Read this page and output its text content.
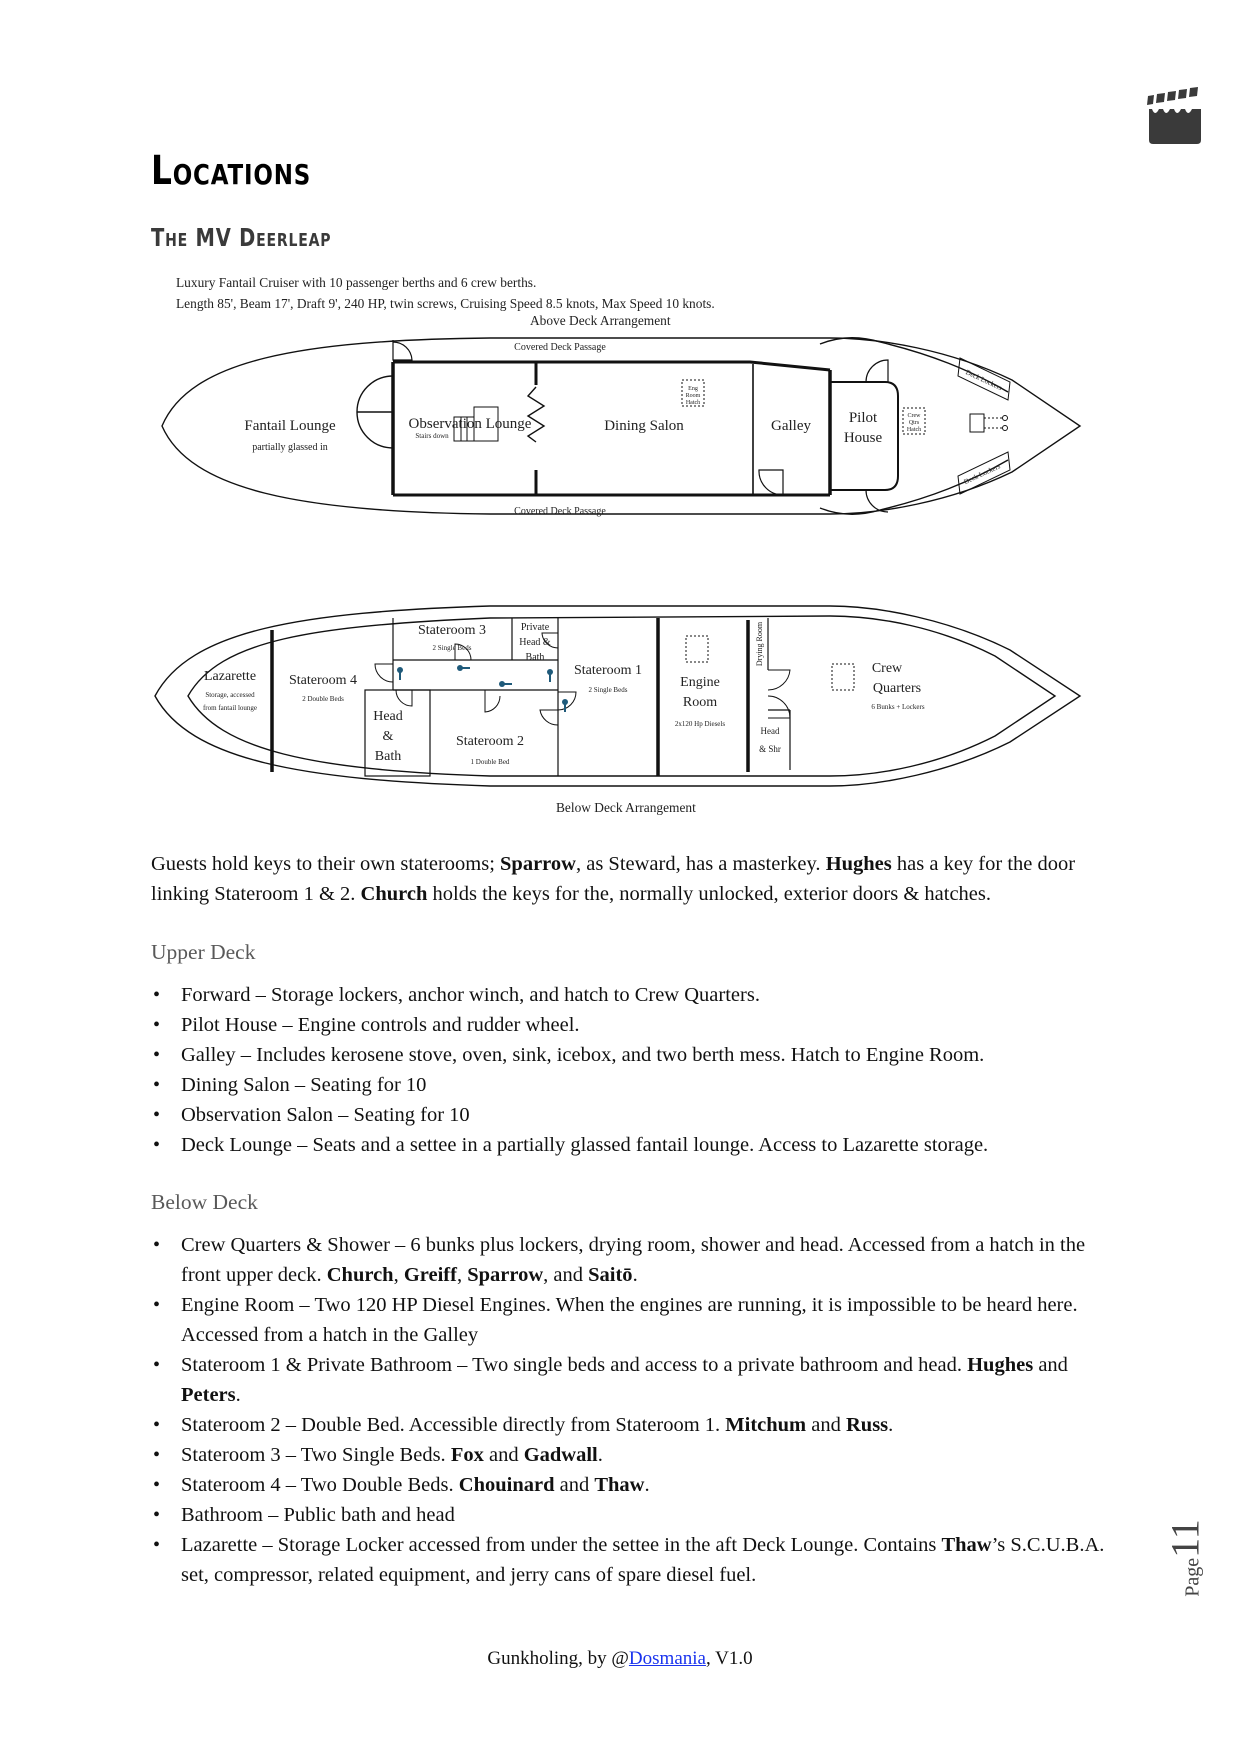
Locations
The MV Deerleap
Luxury Fantail Cruiser with 10 passenger berths and 6 crew berths.
Length 85', Beam 17', Draft 9', 240 HP, twin screws, Cruising Speed 8.5 knots, Max Speed 10 knots.
Above Deck Arrangement
Covered Deck Passage
Covered Deck Passage
Fantail Lounge
partially glassed in
Observation Lounge	Dining Salon	Galley
Eng
Room
Hatch
Pilot
House
Crew
Qtrs
Hatch
Deck Lockers
Deck Lockers
Stairs down
Lazarette
Storage, accessed
from fantail lounge
Stateroom 4
2 Double Beds
Stateroom 3
2 Single Beds
Private
Head &
Bath
Stateroom 1
2 Single Beds
Head
&
Bath
Stateroom 2
1 Double Bed
Engine
Room
2x120 Hp Diesels
Drying Room
Head
& Shr
Crew
Quarters
6 Bunks + Lockers
Below Deck Arrangement

Guests hold keys to their own staterooms; Sparrow, as Steward, has a masterkey. Hughes has a key for the door linking Stateroom 1 & 2. Church holds the keys for the, normally unlocked, exterior doors & hatches.

Upper Deck
• Forward – Storage lockers, anchor winch, and hatch to Crew Quarters.
• Pilot House – Engine controls and rudder wheel.
• Galley – Includes kerosene stove, oven, sink, icebox, and two berth mess. Hatch to Engine Room.
• Dining Salon – Seating for 10
• Observation Salon – Seating for 10
• Deck Lounge – Seats and a settee in a partially glassed fantail lounge. Access to Lazarette storage.
Below Deck
• Crew Quarters & Shower – 6 bunks plus lockers, drying room, shower and head. Accessed from a hatch in the front upper deck. Church, Greiff, Sparrow, and Saitō.
• Engine Room – Two 120 HP Diesel Engines. When the engines are running, it is impossible to be heard here. Accessed from a hatch in the Galley
• Stateroom 1 & Private Bathroom – Two single beds and access to a private bathroom and head. Hughes and Peters.
• Stateroom 2 – Double Bed. Accessible directly from Stateroom 1. Mitchum and Russ.
• Stateroom 3 – Two Single Beds. Fox and Gadwall.
• Stateroom 4 – Two Double Beds. Chouinard and Thaw.
• Bathroom – Public bath and head
• Lazarette – Storage Locker accessed from under the settee in the aft Deck Lounge. Contains Thaw’s S.C.U.B.A. set, compressor, related equipment, and jerry cans of spare diesel fuel.	Page11
Gunkholing, by @Dosmania, V1.0
